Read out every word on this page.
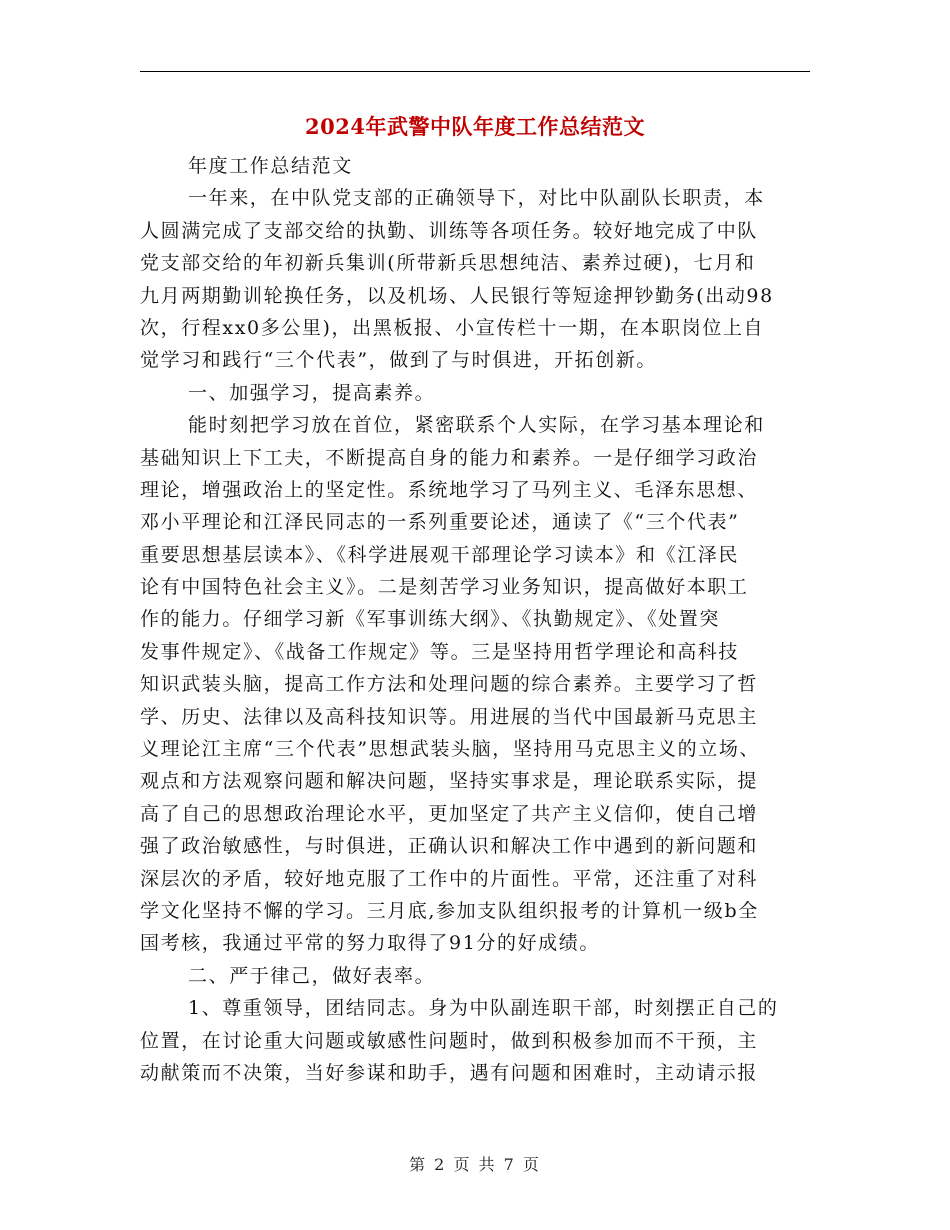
2024年武警中队年度工作总结范文
年度工作总结范文
一年来，在中队党支部的正确领导下，对比中队副队长职责，本
人圆满完成了支部交给的执勤、训练等各项任务。较好地完成了中队
党支部交给的年初新兵集训(所带新兵思想纯洁、素养过硬)，七月和
九月两期勤训轮换任务，以及机场、人民银行等短途押钞勤务(出动98
次，行程xx0多公里)，出黑板报、小宣传栏十一期，在本职岗位上自
觉学习和践行“三个代表”，做到了与时俱进，开拓创新。
一、加强学习，提高素养。
能时刻把学习放在首位，紧密联系个人实际，在学习基本理论和
基础知识上下工夫，不断提高自身的能力和素养。一是仔细学习政治
理论，增强政治上的坚定性。系统地学习了马列主义、毛泽东思想、
邓小平理论和江泽民同志的一系列重要论述，通读了《“三个代表”
重要思想基层读本》、《科学进展观干部理论学习读本》和《江泽民
论有中国特色社会主义》。二是刻苦学习业务知识，提高做好本职工
作的能力。仔细学习新《军事训练大纲》、《执勤规定》、《处置突
发事件规定》、《战备工作规定》等。三是坚持用哲学理论和高科技
知识武装头脑，提高工作方法和处理问题的综合素养。主要学习了哲
学、历史、法律以及高科技知识等。用进展的当代中国最新马克思主
义理论江主席“三个代表”思想武装头脑，坚持用马克思主义的立场、
观点和方法观察问题和解决问题，坚持实事求是，理论联系实际，提
高了自己的思想政治理论水平，更加坚定了共产主义信仰，使自己增
强了政治敏感性，与时俱进，正确认识和解决工作中遇到的新问题和
深层次的矛盾，较好地克服了工作中的片面性。平常，还注重了对科
学文化坚持不懈的学习。三月底,参加支队组织报考的计算机一级b全
国考核，我通过平常的努力取得了91分的好成绩。
二、严于律己，做好表率。
1、尊重领导，团结同志。身为中队副连职干部，时刻摆正自己的
位置，在讨论重大问题或敏感性问题时，做到积极参加而不干预，主
动献策而不决策，当好参谋和助手，遇有问题和困难时，主动请示报
第 2 页 共 7 页
